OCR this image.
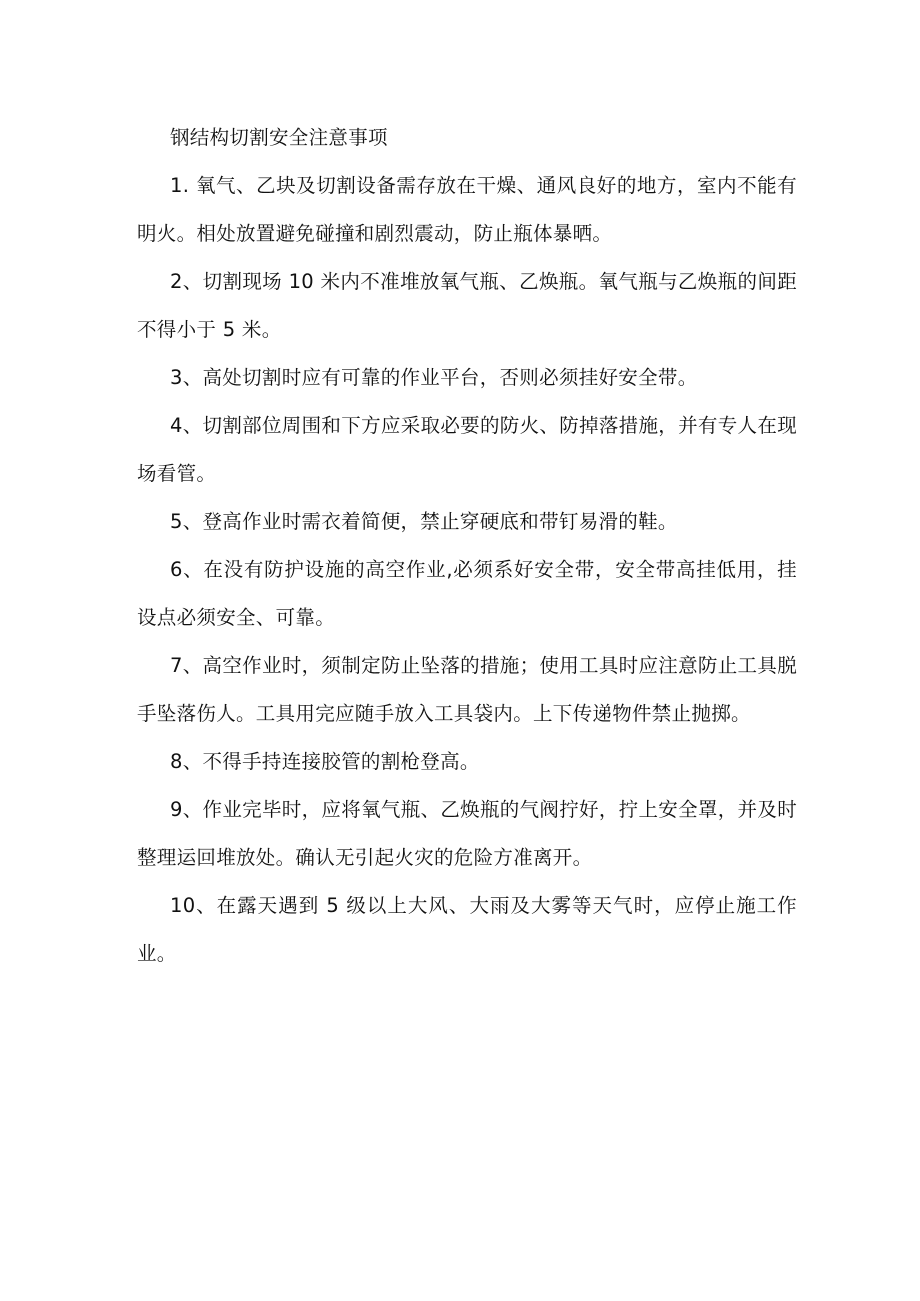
钢结构切割安全注意事项

1. 氧气、乙块及切割设备需存放在干燥、通风良好的地方，室内不能有明火。相处放置避免碰撞和剧烈震动，防止瓶体暴晒。

2、切割现场 10 米内不准堆放氧气瓶、乙焕瓶。氧气瓶与乙焕瓶的间距不得小于 5 米。

3、高处切割时应有可靠的作业平台，否则必须挂好安全带。

4、切割部位周围和下方应采取必要的防火、防掉落措施，并有专人在现场看管。

5、登高作业时需衣着简便，禁止穿硬底和带钉易滑的鞋。

6、在没有防护设施的高空作业,必须系好安全带，安全带高挂低用，挂设点必须安全、可靠。

7、高空作业时，须制定防止坠落的措施；使用工具时应注意防止工具脱手坠落伤人。工具用完应随手放入工具袋内。上下传递物件禁止抛掷。

8、不得手持连接胶管的割枪登高。

9、作业完毕时，应将氧气瓶、乙焕瓶的气阀拧好，拧上安全罩，并及时整理运回堆放处。确认无引起火灾的危险方准离开。

10、在露天遇到 5 级以上大风、大雨及大雾等天气时，应停止施工作业。
